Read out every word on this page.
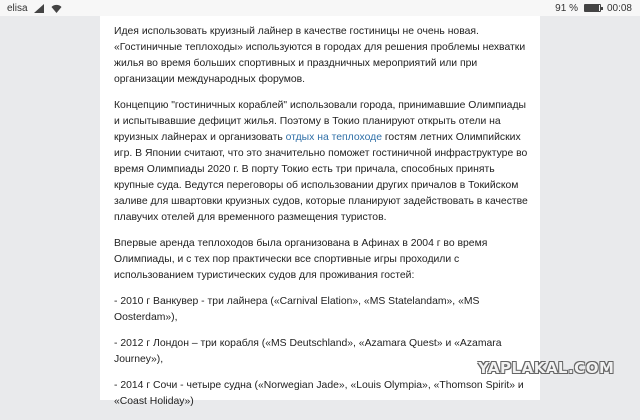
elisa	91 %	00:08

Идея использовать круизный лайнер в качестве гостиницы не очень новая. «Гостиничные теплоходы» используются в городах для решения проблемы нехватки жилья во время больших спортивных и праздничных мероприятий или при организации международных форумов.

Концепцию "гостиничных кораблей" использовали города, принимавшие Олимпиады и испытывавшие дефицит жилья. Поэтому в Токио планируют открыть отели на круизных лайнерах и организовать отдых на теплоходе гостям летних Олимпийских игр. В Японии считают, что это значительно поможет гостиничной инфраструктуре во время Олимпиады 2020 г. В порту Токио есть три причала, способных принять крупные суда. Ведутся переговоры об использовании других причалов в Токийском заливе для швартовки круизных судов, которые планируют задействовать в качестве плавучих отелей для временного размещения туристов.

Впервые аренда теплоходов была организована в Афинах в 2004 г во время Олимпиады, и с тех пор практически все спортивные игры проходили с использованием туристических судов для проживания гостей:

- 2010 г Ванкувер - три лайнера («Carnival Elation», «MS Statelandam», «MS Oosterdam»),

- 2012 г Лондон – три корабля («MS Deutschland», «Azamara Quest» и «Azamara Journey»),

- 2014 г Сочи - четыре судна («Norwegian Jade», «Louis Olympia», «Thomson Spirit» и «Coast Holiday»)

YAPLAKAL.COM
